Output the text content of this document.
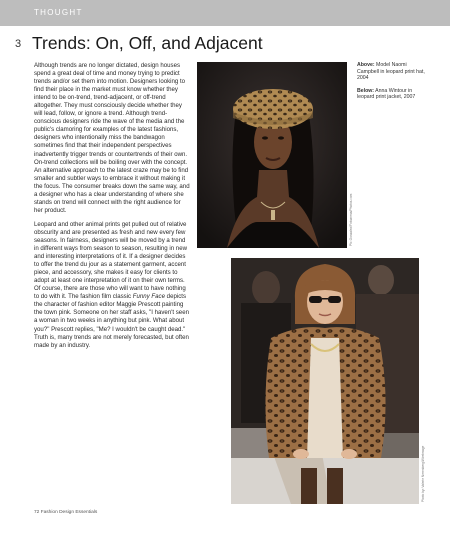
THOUGHT
3 Trends: On, Off, and Adjacent

Although trends are no longer dictated, design houses spend a great deal of time and money trying to predict trends and/or set them into motion. Designers looking to find their place in the market must know whether they intend to be on-trend, trend-adjacent, or off-trend altogether. They must consciously decide whether they will lead, follow, or ignore a trend. Although trend-conscious designers ride the wave of the media and the public's clamoring for examples of the latest fashions, designers who intentionally miss the bandwagon sometimes find that their independent perspectives inadvertently trigger trends or countertrends of their own. On-trend collections will be boiling over with the concept. An alternative approach to the latest craze may be to find smaller and subtler ways to embrace it without making it the focus. The consumer breaks down the same way, and a designer who has a clear understanding of where she stands on trend will connect with the right audience for her product.

Leopard and other animal prints get pulled out of relative obscurity and are presented as fresh and new every few seasons. In fairness, designers will be moved by a trend in different ways from season to season, resulting in new and interesting interpretations of it. If a designer decides to offer the trend du jour as a statement garment, accent piece, and accessory, she makes it easy for clients to adopt at least one interpretation of it on their own terms. Of course, there are those who will want to have nothing to do with it. The fashion film classic Funny Face depicts the character of fashion editor Maggie Prescott painting the town pink. Someone on her staff asks, "I haven't seen a woman in two weeks in anything but pink. What about you?" Prescott replies, "Me? I wouldn't be caught dead." Truth is, many trends are not merely forecasted, but often made by an industry.

Ph: Gonzalez/Fotoarena/Photos.com

Above: Model Naomi Campbell in leopard print hat, 2004

Below: Anna Wintour in leopard print jacket, 2007

Photo by: Valerie Nerenberg/WireImage
72 Fashion Design Essentials
